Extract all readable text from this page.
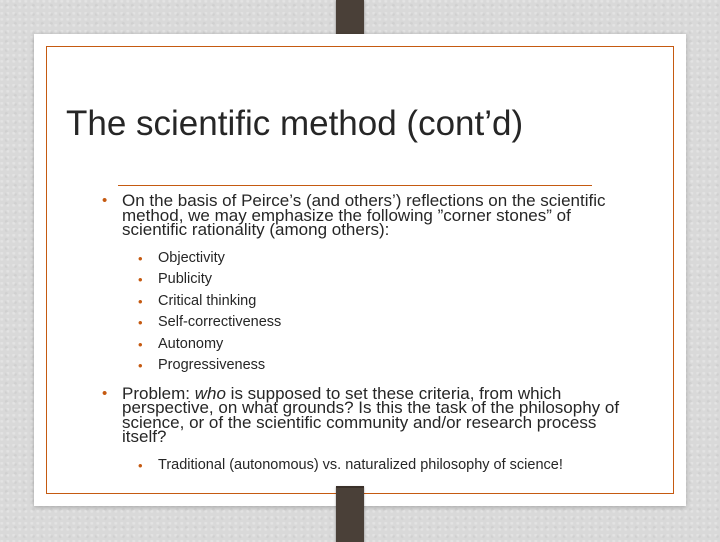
The scientific method (cont’d)
• On the basis of Peirce’s (and others’) reflections on the scientific method, we may emphasize the following ”corner stones” of scientific rationality (among others):
• Objectivity
• Publicity
• Critical thinking
• Self-correctiveness
• Autonomy
• Progressiveness
• Problem: who is supposed to set these criteria, from which perspective, on what grounds? Is this the task of the philosophy of science, or of the scientific community and/or research process itself?
• Traditional (autonomous) vs. naturalized philosophy of science!
